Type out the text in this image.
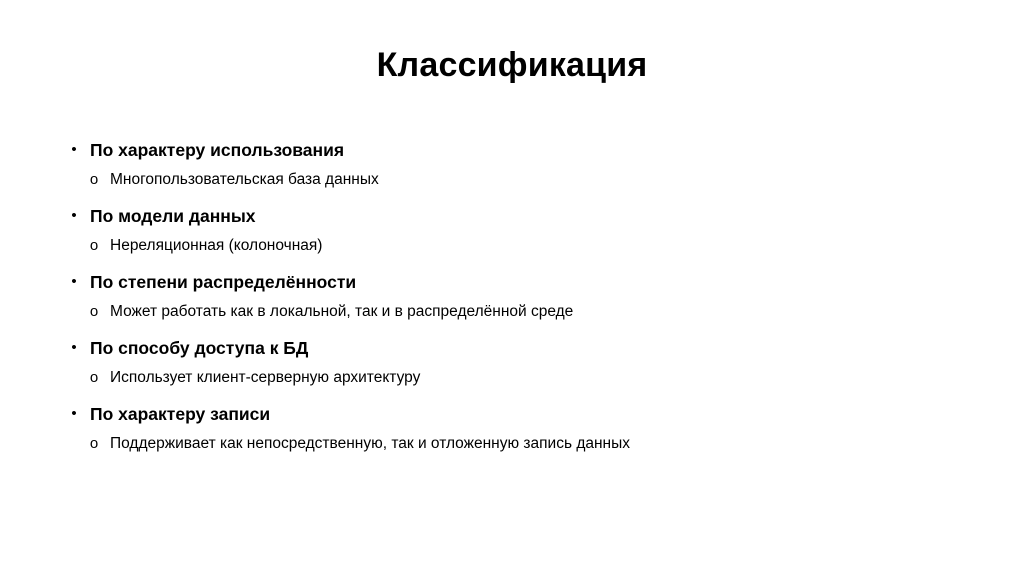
Классификация
• По характеру использования
o Многопользовательская база данных
• По модели данных
o Нереляционная (колоночная)
• По степени распределённости
o Может работать как в локальной, так и в распределённой среде
• По способу доступа к БД
o Использует клиент-серверную архитектуру
• По характеру записи
o Поддерживает как непосредственную, так и отложенную запись данных
